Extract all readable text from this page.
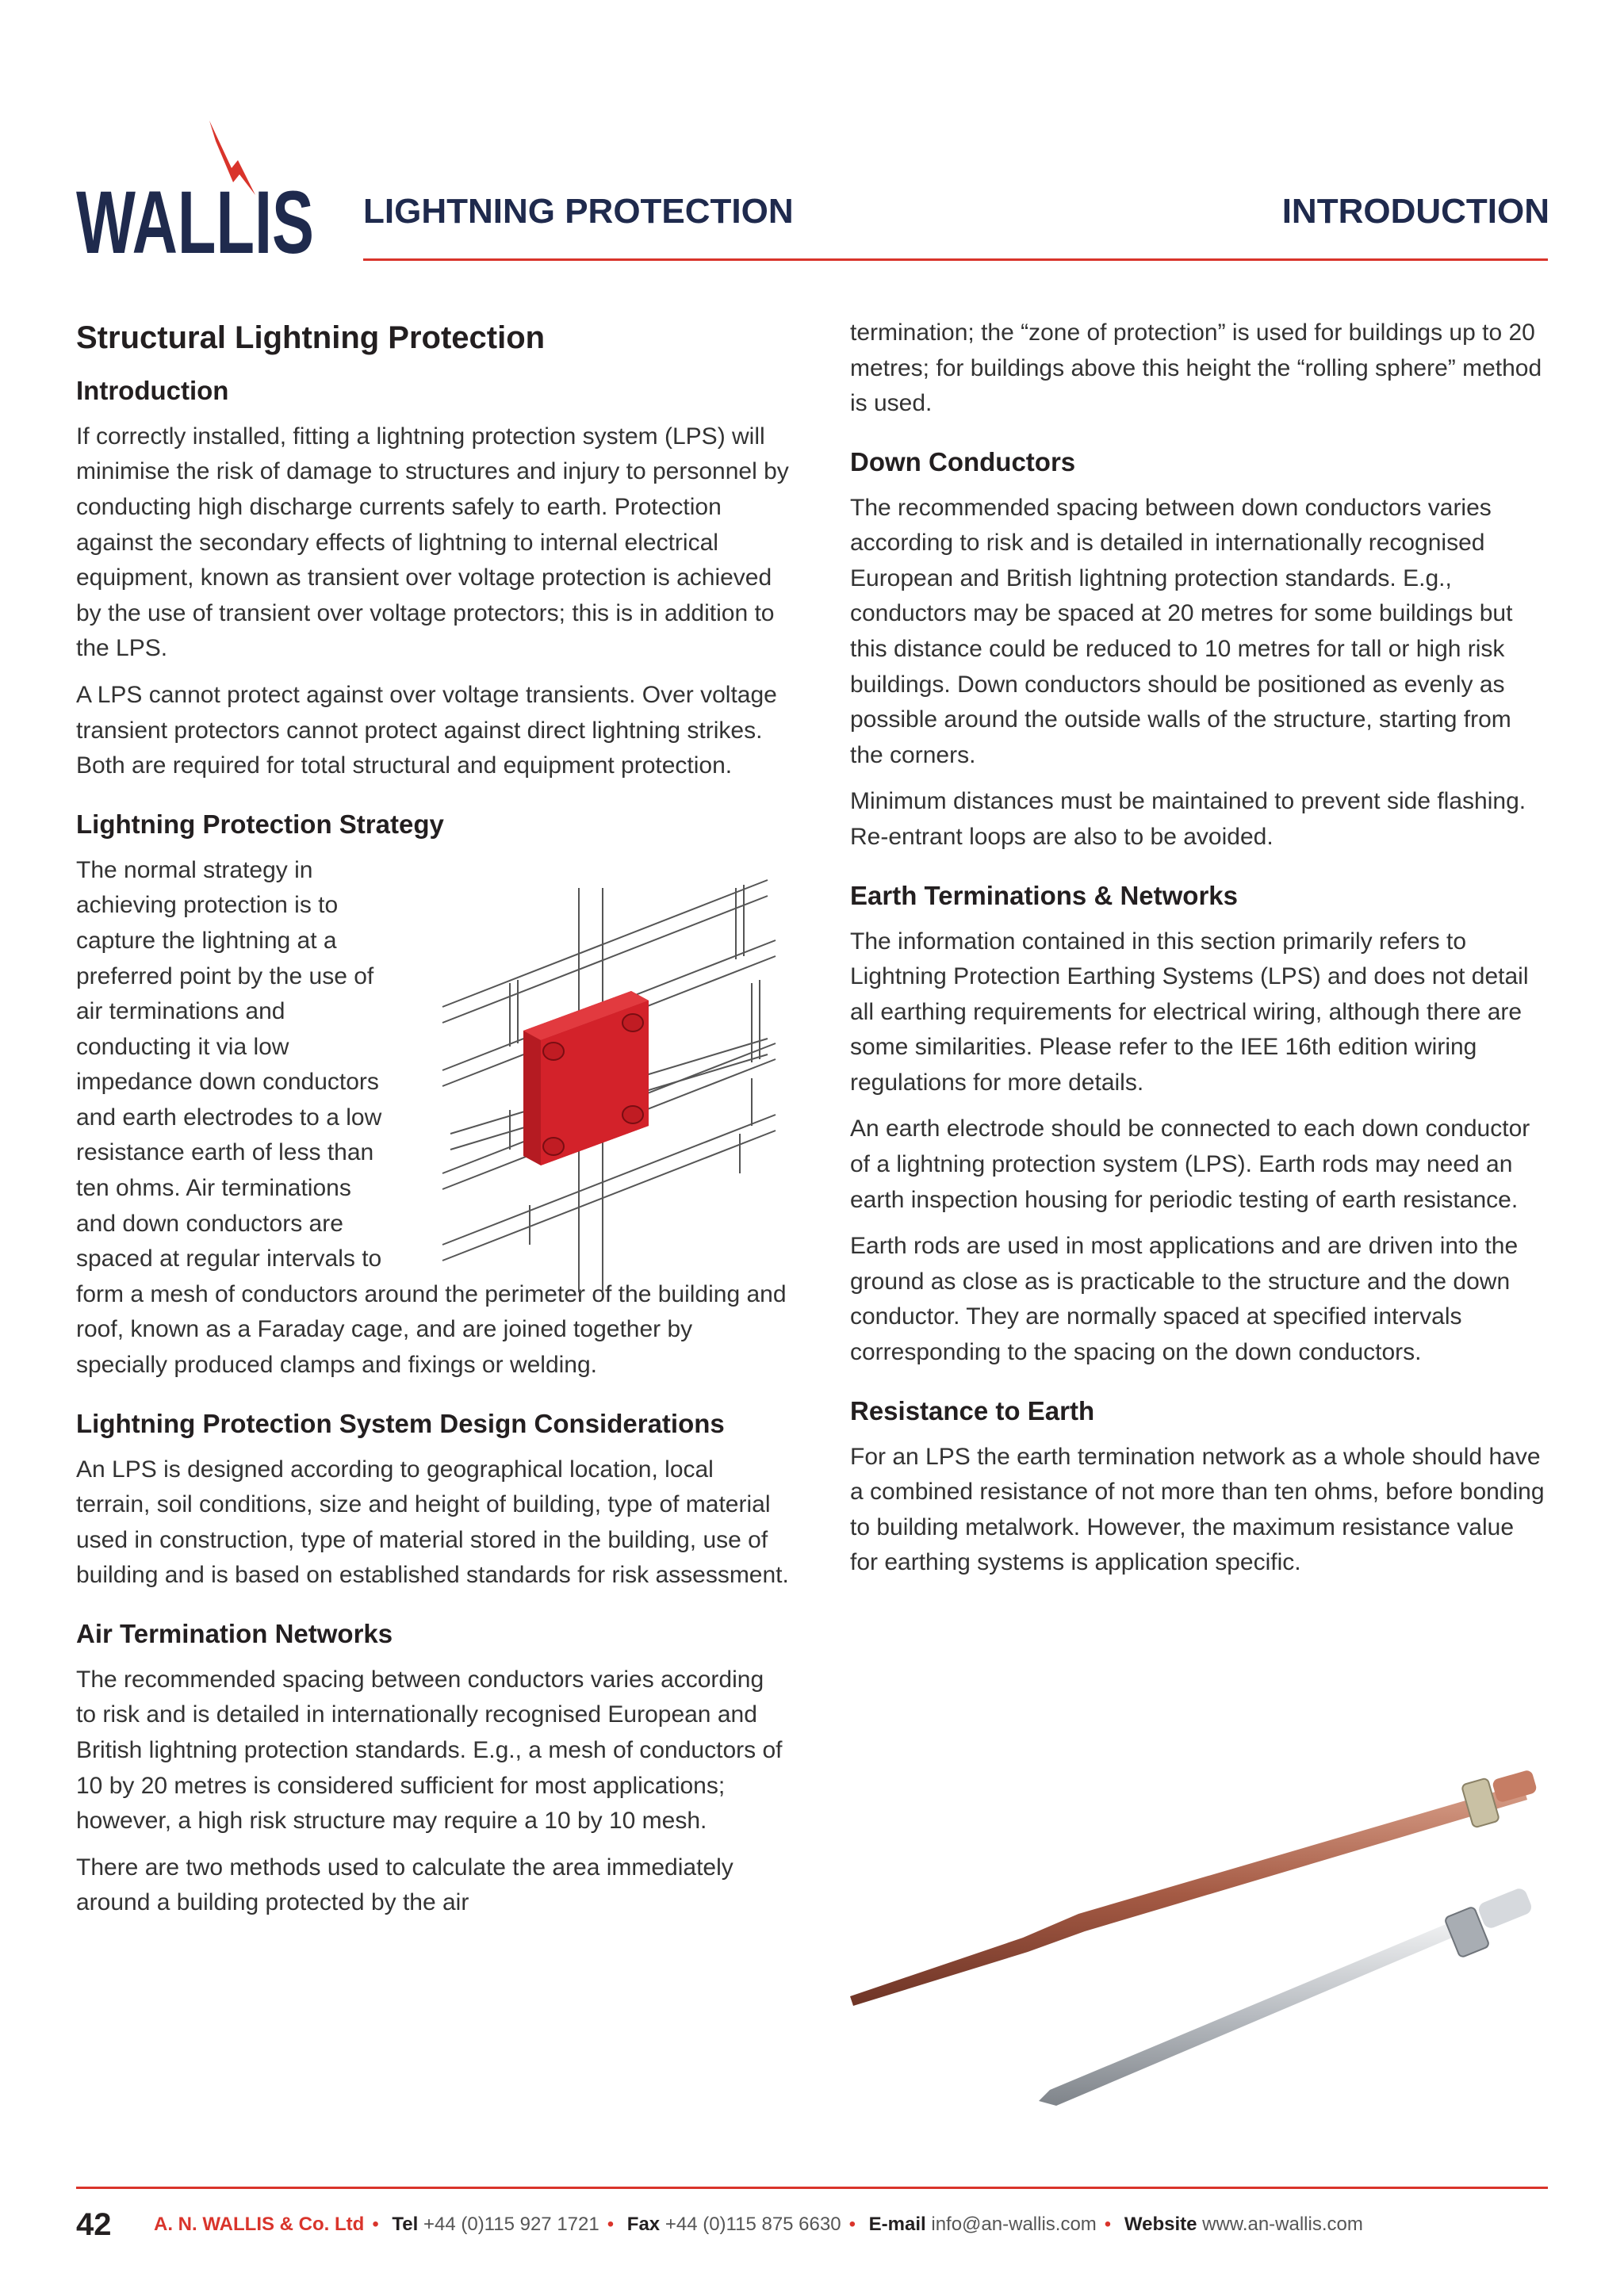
WALLIS LIGHTNING PROTECTION	INTRODUCTION
Structural Lightning Protection
Introduction

If correctly installed, fitting a lightning protection system (LPS) will minimise the risk of damage to structures and injury to personnel by conducting high discharge currents safely to earth. Protection against the secondary effects of lightning to internal electrical equipment, known as transient over voltage protection is achieved by the use of transient over voltage protectors; this is in addition to the LPS.

A LPS cannot protect against over voltage transients. Over voltage transient protectors cannot protect against direct lightning strikes. Both are required for total structural and equipment protection.

Lightning Protection Strategy

The normal strategy in
achieving protection is to
capture the lightning at a
preferred point by the use of
air terminations and
conducting it via low
impedance down conductors
and earth electrodes to a low
resistance earth of less than
ten ohms. Air terminations
and down conductors are
spaced at regular intervals to

form a mesh of conductors around the perimeter of the building and roof, known as a Faraday cage, and are joined together by specially produced clamps and fixings or welding.

Lightning Protection System Design Considerations

An LPS is designed according to geographical location, local terrain, soil conditions, size and height of building, type of material used in construction, type of material stored in the building, use of building and is based on established standards for risk assessment.

Air Termination Networks

The recommended spacing between conductors varies according to risk and is detailed in internationally recognised European and British lightning protection standards. E.g., a mesh of conductors of 10 by 20 metres is considered sufficient for most applications; however, a high risk structure may require a 10 by 10 mesh.

There are two methods used to calculate the area immediately around a building protected by the air

termination; the “zone of protection” is used for buildings up to 20 metres; for buildings above this height the “rolling sphere” method is used.

Down Conductors

The recommended spacing between down conductors varies according to risk and is detailed in internationally recognised European and British lightning protection standards. E.g., conductors may be spaced at 20 metres for some buildings but this distance could be reduced to 10 metres for tall or high risk buildings. Down conductors should be positioned as evenly as possible around the outside walls of the structure, starting from the corners.

Minimum distances must be maintained to prevent side flashing. Re-entrant loops are also to be avoided.

Earth Terminations & Networks

The information contained in this section primarily refers to Lightning Protection Earthing Systems (LPS) and does not detail all earthing requirements for electrical wiring, although there are some similarities. Please refer to the IEE 16th edition wiring regulations for more details.

An earth electrode should be connected to each down conductor of a lightning protection system (LPS). Earth rods may need an earth inspection housing for periodic testing of earth resistance.

Earth rods are used in most applications and are driven into the ground as close as is practicable to the structure and the down conductor. They are normally spaced at specified intervals corresponding to the spacing on the down conductors.

Resistance to Earth

For an LPS the earth termination network as a whole should have a combined resistance of not more than ten ohms, before bonding to building metalwork. However, the maximum resistance value for earthing systems is application specific.

42 A. N. WALLIS & Co. Ltd • Tel +44 (0)115 927 1721 • Fax +44 (0)115 875 6630 • E-mail info@an-wallis.com • Website www.an-wallis.com
